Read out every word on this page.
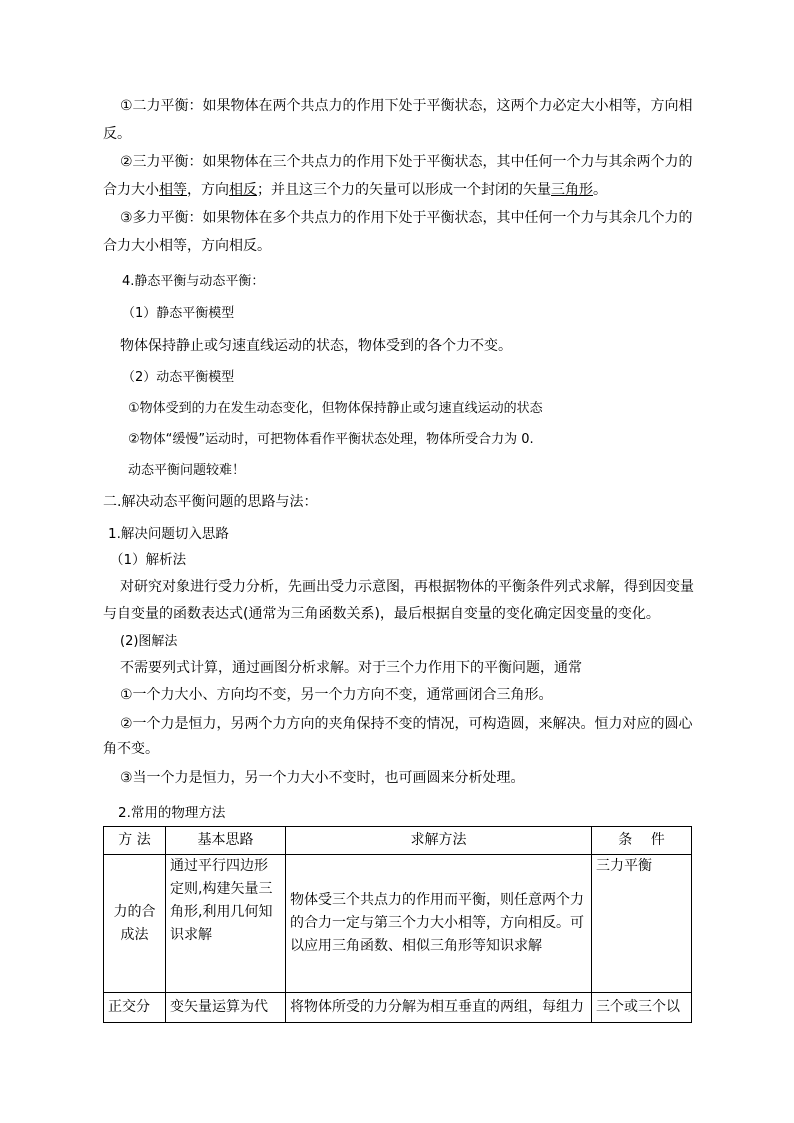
①二力平衡：如果物体在两个共点力的作用下处于平衡状态，这两个力必定大小相等，方向相
反。
②三力平衡：如果物体在三个共点力的作用下处于平衡状态，其中任何一个力与其余两个力的
合力大小相等，方向相反；并且这三个力的矢量可以形成一个封闭的矢量三角形。
③多力平衡：如果物体在多个共点力的作用下处于平衡状态，其中任何一个力与其余几个力的
合力大小相等，方向相反。
4.静态平衡与动态平衡：
（1）静态平衡模型
物体保持静止或匀速直线运动的状态，物体受到的各个力不变。
（2）动态平衡模型
①物体受到的力在发生动态变化，但物体保持静止或匀速直线运动的状态
②物体“缓慢”运动时，可把物体看作平衡状态处理，物体所受合力为 0.
动态平衡问题较难！
二.解决动态平衡问题的思路与法：
1.解决问题切入思路
（1）解析法
对研究对象进行受力分析，先画出受力示意图，再根据物体的平衡条件列式求解，得到因变量
与自变量的函数表达式(通常为三角函数关系)，最后根据自变量的变化确定因变量的变化。
(2)图解法
不需要列式计算，通过画图分析求解。对于三个力作用下的平衡问题，通常
①一个力大小、方向均不变，另一个力方向不变，通常画闭合三角形。
②一个力是恒力，另两个力方向的夹角保持不变的情况，可构造圆，来解决。恒力对应的圆心
角不变。
③当一个力是恒力，另一个力大小不变时，也可画圆来分析处理。
2.常用的物理方法
方 法	基本思路	求解方法	条　 件
力的合成法	通过平行四边形定则,构建矢量三角形,利用几何知识求解	物体受三个共点力的作用而平衡，则任意两个力的合力一定与第三个力大小相等，方向相反。可以应用三角函数、相似三角形等知识求解	三力平衡
正交分	变矢量运算为代	将物体所受的力分解为相互垂直的两组，每组力	三个或三个以
